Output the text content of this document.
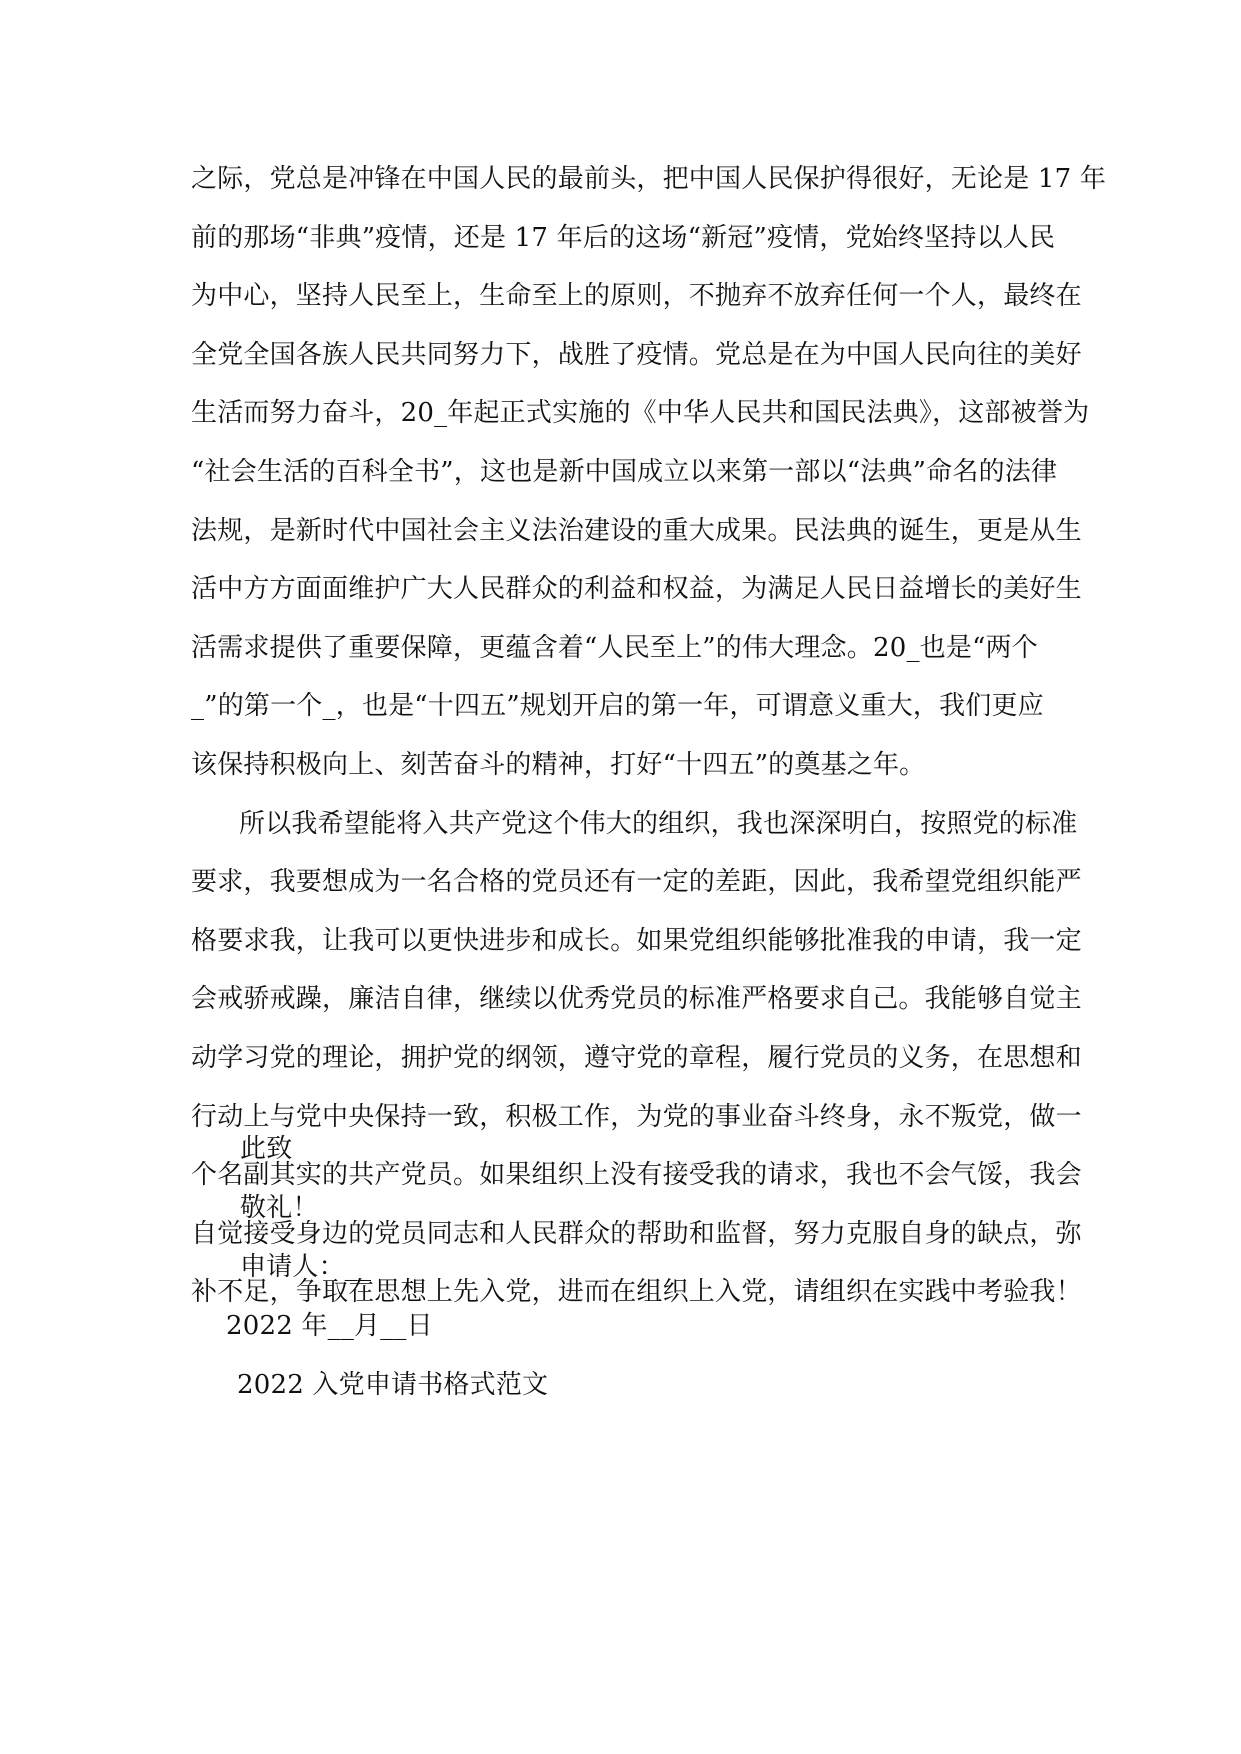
之际，党总是冲锋在中国人民的最前头，把中国人民保护得很好，无论是 17 年
前的那场“非典”疫情，还是 17 年后的这场“新冠”疫情，党始终坚持以人民
为中心，坚持人民至上，生命至上的原则，不抛弃不放弃任何一个人，最终在
全党全国各族人民共同努力下，战胜了疫情。党总是在为中国人民向往的美好
生活而努力奋斗，20_年起正式实施的《中华人民共和国民法典》，这部被誉为
“社会生活的百科全书”，这也是新中国成立以来第一部以“法典”命名的法律
法规，是新时代中国社会主义法治建设的重大成果。民法典的诞生，更是从生
活中方方面面维护广大人民群众的利益和权益，为满足人民日益增长的美好生
活需求提供了重要保障，更蕴含着“人民至上”的伟大理念。20_也是“两个
_”的第一个_，也是“十四五”规划开启的第一年，可谓意义重大，我们更应
该保持积极向上、刻苦奋斗的精神，打好“十四五”的奠基之年。
所以我希望能将入共产党这个伟大的组织，我也深深明白，按照党的标准
要求，我要想成为一名合格的党员还有一定的差距，因此，我希望党组织能严
格要求我，让我可以更快进步和成长。如果党组织能够批准我的申请，我一定
会戒骄戒躁，廉洁自律，继续以优秀党员的标准严格要求自己。我能够自觉主
动学习党的理论，拥护党的纲领，遵守党的章程，履行党员的义务，在思想和
行动上与党中央保持一致，积极工作，为党的事业奋斗终身，永不叛党，做一
个名副其实的共产党员。如果组织上没有接受我的请求，我也不会气馁，我会
自觉接受身边的党员同志和人民群众的帮助和监督，努力克服自身的缺点，弥
补不足，争取在思想上先入党，进而在组织上入党，请组织在实践中考验我！
此致
敬礼！
申请人：__
2022 年__月__日
2022 入党申请书格式范文
